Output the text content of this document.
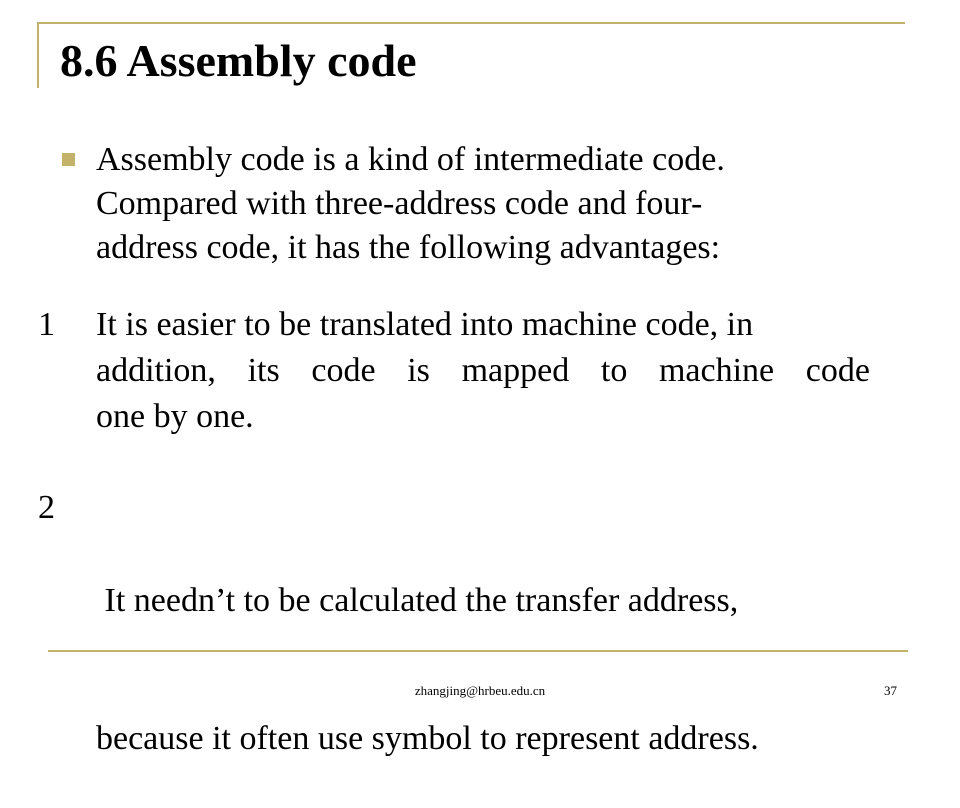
8.6 Assembly code
Assembly code is a kind of intermediate code.
Compared with three-address code and four-
address code, it has the following advantages:
1 It is easier to be translated into machine code, in
addition, its code is mapped to machine code
one by one.
2

It needn’t to be calculated the transfer address,

because it often use symbol to represent address.

zhangjing@hrbeu.edu.cn	37
